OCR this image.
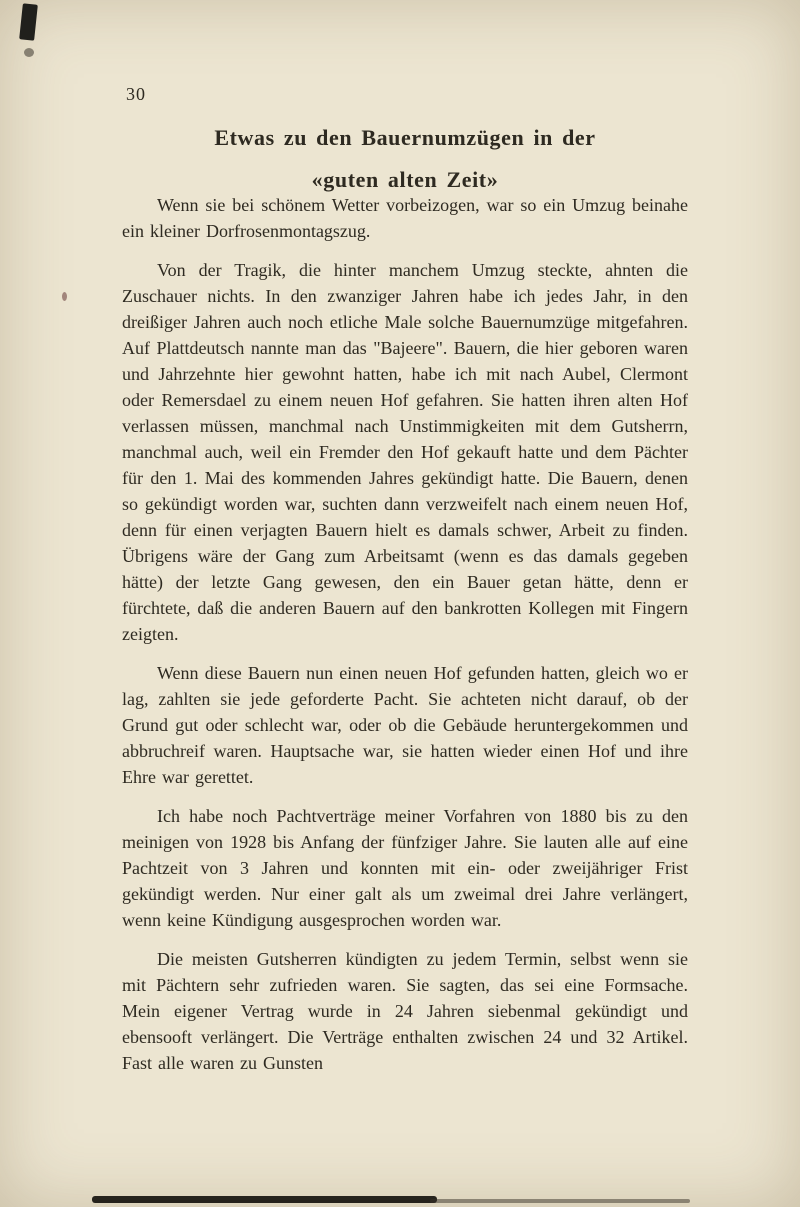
30
Etwas zu den Bauernumzügen in der
«guten alten Zeit»

Wenn sie bei schönem Wetter vorbeizogen, war so ein Umzug beinahe ein kleiner Dorfrosenmontagszug.

Von der Tragik, die hinter manchem Umzug steckte, ahnten die Zuschauer nichts. In den zwanziger Jahren habe ich jedes Jahr, in den dreißiger Jahren auch noch etliche Male solche Bauernumzüge mitgefahren. Auf Plattdeutsch nannte man das "Bajeere". Bauern, die hier geboren waren und Jahrzehnte hier gewohnt hatten, habe ich mit nach Aubel, Clermont oder Remersdael zu einem neuen Hof gefahren. Sie hatten ihren alten Hof verlassen müssen, manchmal nach Unstimmigkeiten mit dem Gutsherrn, manchmal auch, weil ein Fremder den Hof gekauft hatte und dem Pächter für den 1. Mai des kommenden Jahres gekündigt hatte. Die Bauern, denen so gekündigt worden war, suchten dann verzweifelt nach einem neuen Hof, denn für einen verjagten Bauern hielt es damals schwer, Arbeit zu finden. Übrigens wäre der Gang zum Arbeitsamt (wenn es das damals gegeben hätte) der letzte Gang gewesen, den ein Bauer getan hätte, denn er fürchtete, daß die anderen Bauern auf den bankrotten Kollegen mit Fingern zeigten.

Wenn diese Bauern nun einen neuen Hof gefunden hatten, gleich wo er lag, zahlten sie jede geforderte Pacht. Sie achteten nicht darauf, ob der Grund gut oder schlecht war, oder ob die Gebäude heruntergekommen und abbruchreif waren. Hauptsache war, sie hatten wieder einen Hof und ihre Ehre war gerettet.

Ich habe noch Pachtverträge meiner Vorfahren von 1880 bis zu den meinigen von 1928 bis Anfang der fünfziger Jahre. Sie lauten alle auf eine Pachtzeit von 3 Jahren und konnten mit ein- oder zweijähriger Frist gekündigt werden. Nur einer galt als um zweimal drei Jahre verlängert, wenn keine Kündigung ausgesprochen worden war.

Die meisten Gutsherren kündigten zu jedem Termin, selbst wenn sie mit Pächtern sehr zufrieden waren. Sie sagten, das sei eine Formsache. Mein eigener Vertrag wurde in 24 Jahren siebenmal gekündigt und ebensooft verlängert. Die Verträge enthalten zwischen 24 und 32 Artikel. Fast alle waren zu Gunsten
